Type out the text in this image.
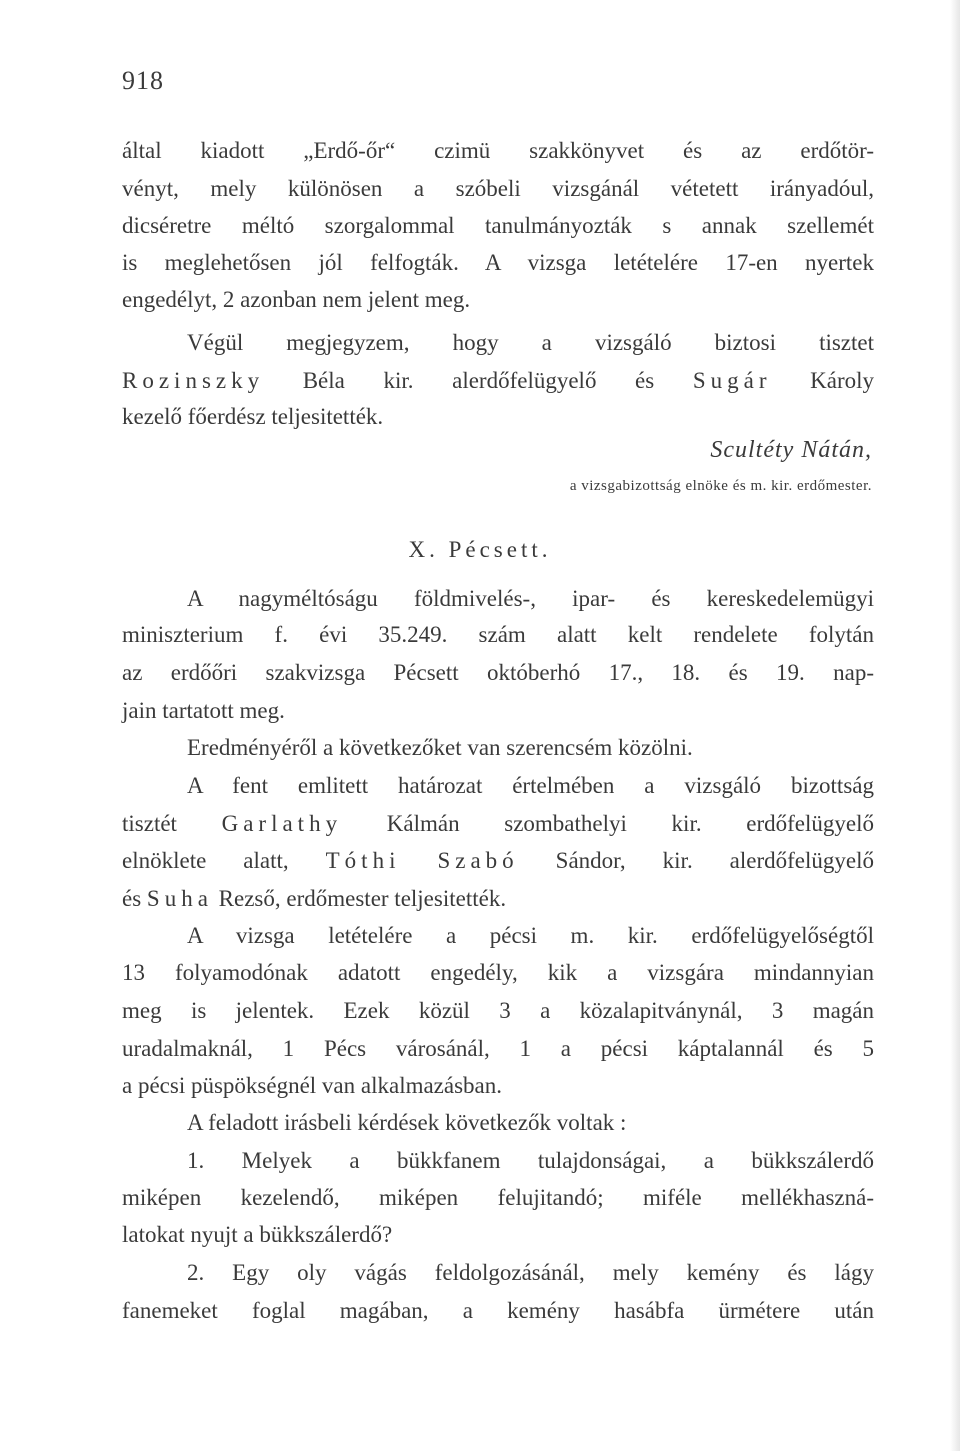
918
által kiadott „Erdő-őr“ czimü szakkönyvet és az erdőtör-
vényt, mely különösen a szóbeli vizsgánál vétetett irányadóul,
dicséretre méltó szorgalommal tanulmányozták s annak szellemét
is meglehetősen jól felfogták. A vizsga letételére 17-en nyertek
engedélyt, 2 azonban nem jelent meg.
Végül megjegyzem, hogy a vizsgáló biztosi tisztet
Rozinszky Béla kir. alerdőfelügyelő és Sugár Károly
kezelő főerdész teljesitették.
Scultéty Nátán,
a vizsgabizottság elnöke és m. kir. erdőmester.
X. Pécsett.
A nagyméltóságu földmivelés-, ipar- és kereskedelemügyi
miniszterium f. évi 35.249. szám alatt kelt rendelete folytán
az erdőőri szakvizsga Pécsett októberhó 17., 18. és 19. nap-
jain tartatott meg.
Eredményéről a következőket van szerencsém közölni.
A fent emlitett határozat értelmében a vizsgáló bizottság
tisztét Garlathy Kálmán szombathelyi kir. erdőfelügyelő
elnöklete alatt, Tóthi Szabó Sándor, kir. alerdőfelügyelő
és Suha Rezső, erdőmester teljesitették.
A vizsga letételére a pécsi m. kir. erdőfelügyelőségtől
13 folyamodónak adatott engedély, kik a vizsgára mindannyian
meg is jelentek. Ezek közül 3 a közalapitványnál, 3 magán
uradalmaknál, 1 Pécs városánál, 1 a pécsi káptalannál és 5
a pécsi püspökségnél van alkalmazásban.
A feladott irásbeli kérdések következők voltak :
1. Melyek a bükkfanem tulajdonságai, a bükkszálerdő
miképen kezelendő, miképen felujitandó; miféle mellékhaszná-
latokat nyujt a bükkszálerdő?
2. Egy oly vágás feldolgozásánál, mely kemény és lágy
fanemeket foglal magában, a kemény hasábfa ürmétere után
